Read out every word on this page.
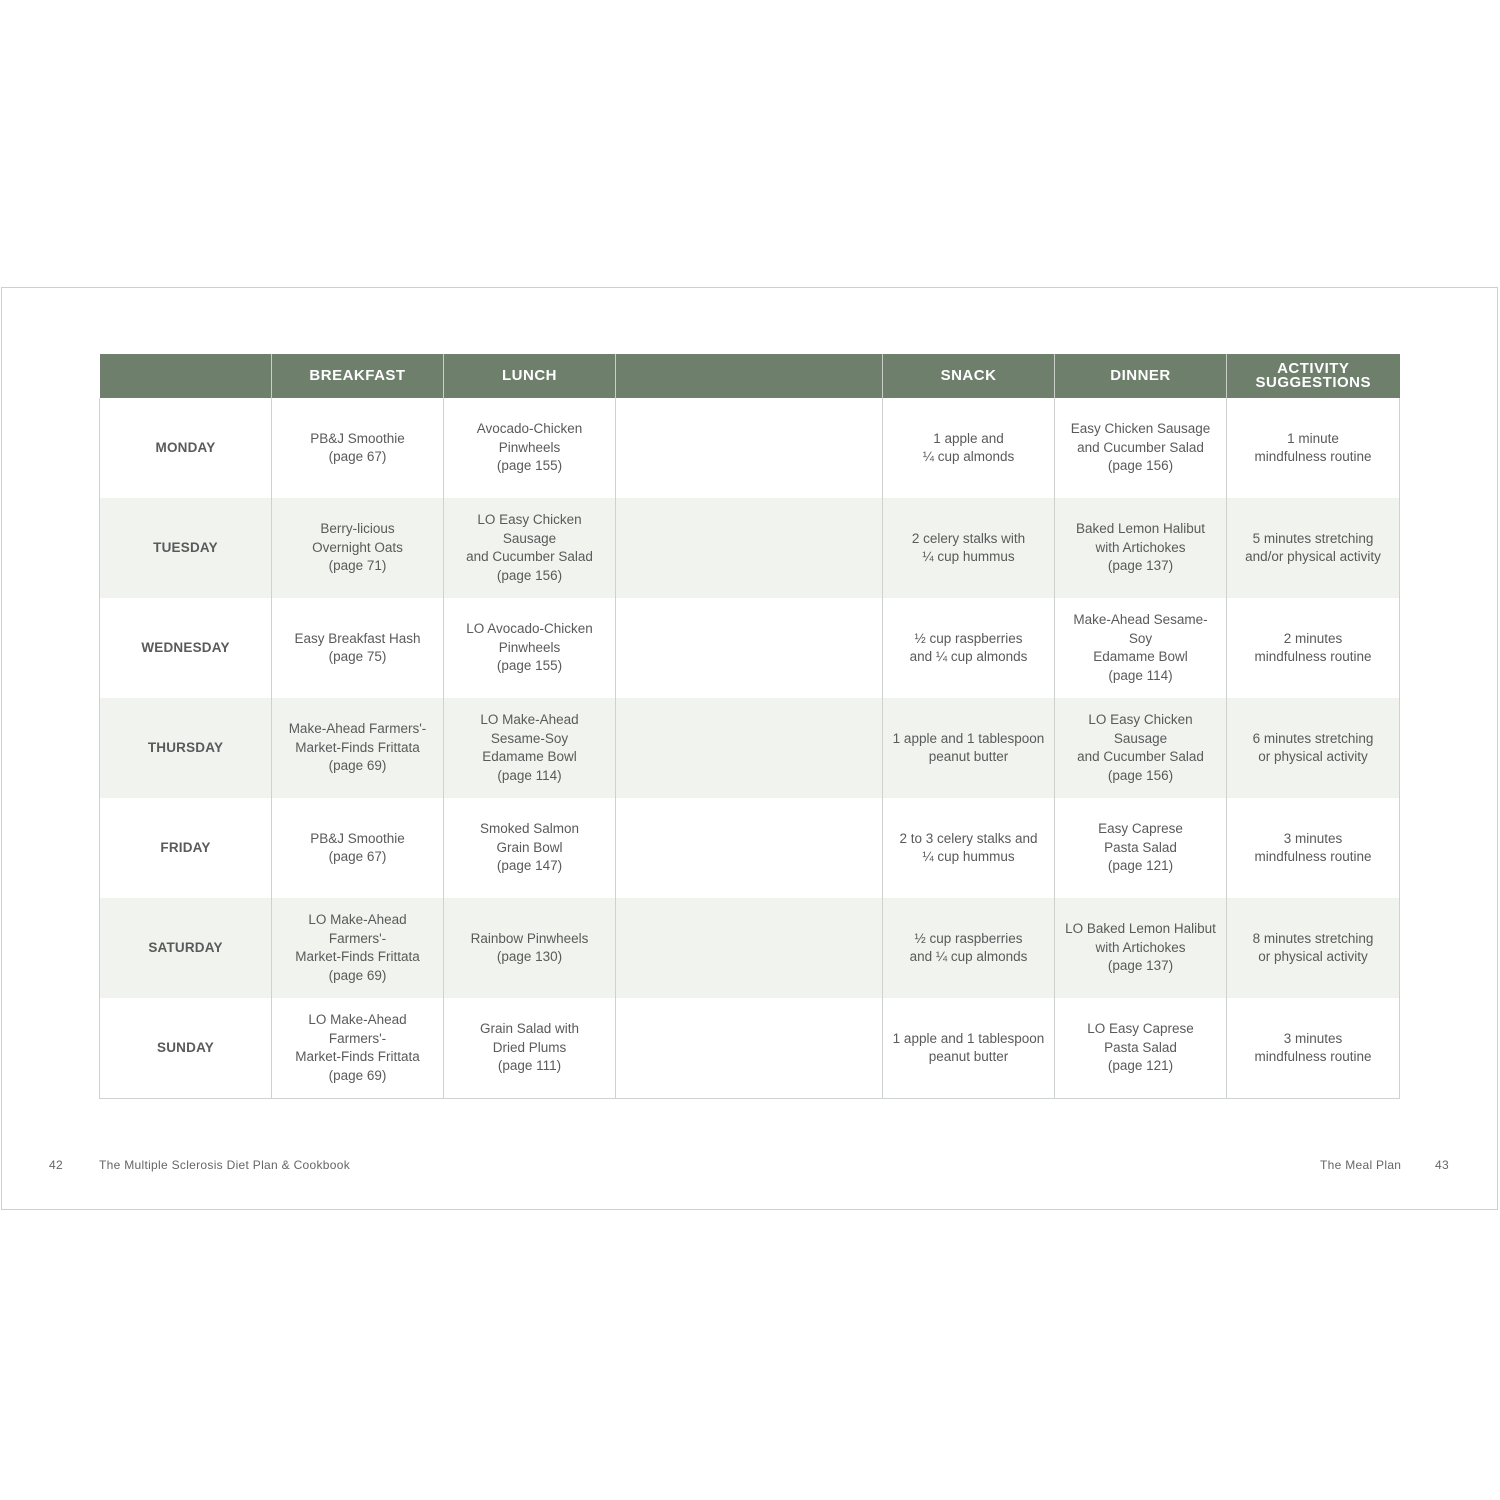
	BREAKFAST	LUNCH		SNACK	DINNER	ACTIVITY
SUGGESTIONS
MONDAY	PB&J Smoothie
(page 67)	Avocado-Chicken
Pinwheels
(page 155)		1 apple and
¼ cup almonds	Easy Chicken Sausage
and Cucumber Salad
(page 156)	1 minute
mindfulness routine
TUESDAY	Berry-licious
Overnight Oats
(page 71)	LO Easy Chicken Sausage
and Cucumber Salad
(page 156)		2 celery stalks with
¼ cup hummus	Baked Lemon Halibut
with Artichokes
(page 137)	5 minutes stretching
and/or physical activity
WEDNESDAY	Easy Breakfast Hash
(page 75)	LO Avocado-Chicken
Pinwheels
(page 155)		½ cup raspberries
and ¼ cup almonds	Make-Ahead Sesame-Soy
Edamame Bowl
(page 114)	2 minutes
mindfulness routine
THURSDAY	Make-Ahead Farmers'-
Market-Finds Frittata
(page 69)	LO Make-Ahead
Sesame-Soy
Edamame Bowl
(page 114)		1 apple and 1 tablespoon
peanut butter	LO Easy Chicken Sausage
and Cucumber Salad
(page 156)	6 minutes stretching
or physical activity
FRIDAY	PB&J Smoothie
(page 67)	Smoked Salmon
Grain Bowl
(page 147)		2 to 3 celery stalks and
¼ cup hummus	Easy Caprese
Pasta Salad
(page 121)	3 minutes
mindfulness routine
SATURDAY	LO Make-Ahead Farmers'-
Market-Finds Frittata
(page 69)	Rainbow Pinwheels
(page 130)		½ cup raspberries
and ¼ cup almonds	LO Baked Lemon Halibut
with Artichokes
(page 137)	8 minutes stretching
or physical activity
SUNDAY	LO Make-Ahead Farmers'-
Market-Finds Frittata
(page 69)	Grain Salad with
Dried Plums
(page 111)		1 apple and 1 tablespoon
peanut butter	LO Easy Caprese
Pasta Salad
(page 121)	3 minutes
mindfulness routine
42	The Multiple Sclerosis Diet Plan & Cookbook	The Meal Plan	43
